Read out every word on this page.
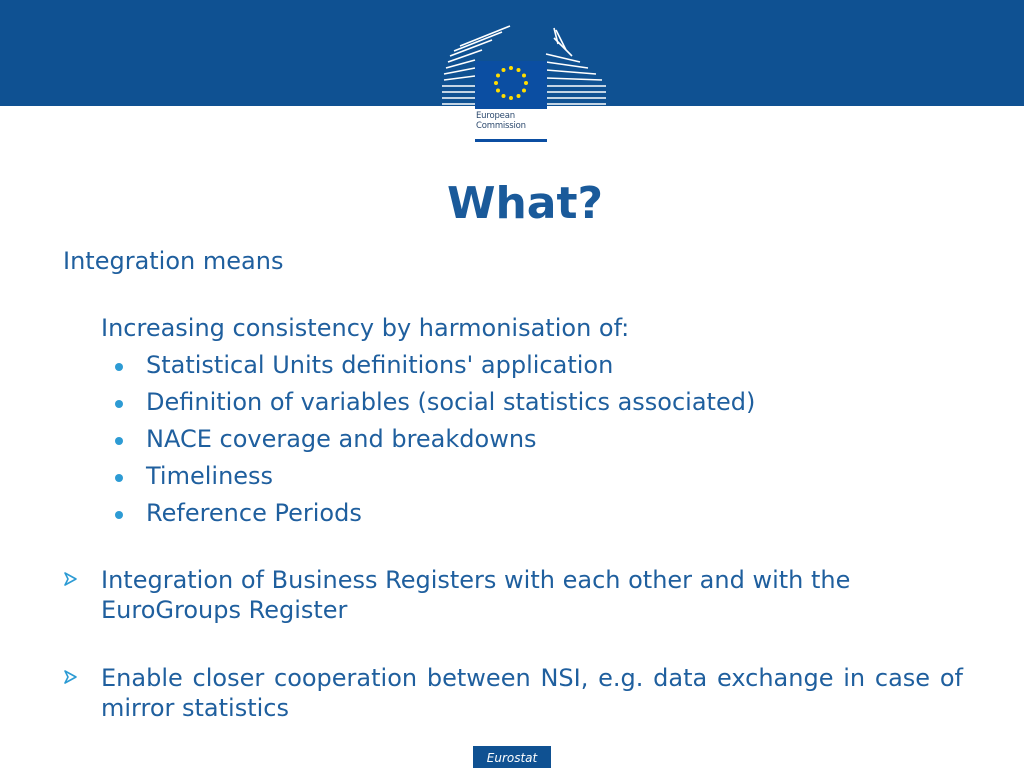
European
Commission
What?

Integration means

Increasing consistency by harmonisation of:

Statistical Units definitions' application
Definition of variables (social statistics associated)
NACE coverage and breakdowns
Timeliness
Reference Periods
Integration of Business Registers with each other and with the EuroGroups Register
Enable closer cooperation between NSI, e.g. data exchange in case of mirror statistics
Eurostat
